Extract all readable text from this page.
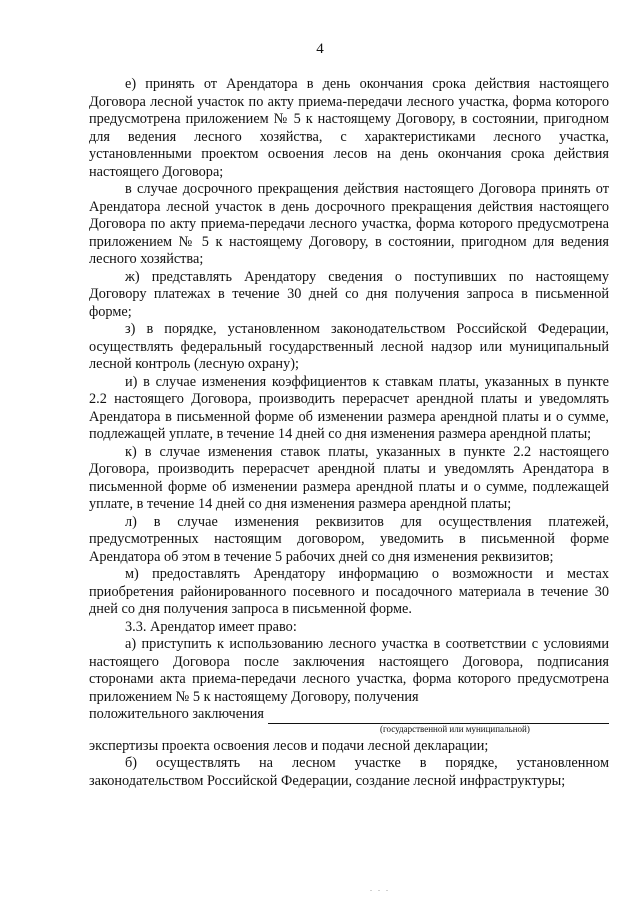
4

е) принять от Арендатора в день окончания срока действия настоящего Договора лесной участок по акту приема-передачи лесного участка, форма которого предусмотрена приложением № 5 к настоящему Договору, в состоянии, пригодном для ведения лесного хозяйства, с характеристиками лесного участка, установленными проектом освоения лесов на день окончания срока действия настоящего Договора;

в случае досрочного прекращения действия настоящего Договора принять от Арендатора лесной участок в день досрочного прекращения действия настоящего Договора по акту приема-передачи лесного участка, форма которого предусмотрена приложением № 5 к настоящему Договору, в состоянии, пригодном для ведения лесного хозяйства;

ж) представлять Арендатору сведения о поступивших по настоящему Договору платежах в течение 30 дней со дня получения запроса в письменной форме;

з) в порядке, установленном законодательством Российской Федерации, осуществлять федеральный государственный лесной надзор или муниципальный лесной контроль (лесную охрану);

и) в случае изменения коэффициентов к ставкам платы, указанных в пункте 2.2 настоящего Договора, производить перерасчет арендной платы и уведомлять Арендатора в письменной форме об изменении размера арендной платы и о сумме, подлежащей уплате, в течение 14 дней со дня изменения размера арендной платы;

к) в случае изменения ставок платы, указанных в пункте 2.2 настоящего Договора, производить перерасчет арендной платы и уведомлять Арендатора в письменной форме об изменении размера арендной платы и о сумме, подлежащей уплате, в течение 14 дней со дня изменения размера арендной платы;

л) в случае изменения реквизитов для осуществления платежей, предусмотренных настоящим договором, уведомить в письменной форме Арендатора об этом в течение 5 рабочих дней со дня изменения реквизитов;

м) предоставлять Арендатору информацию о возможности и местах приобретения районированного посевного и посадочного материала в течение 30 дней со дня получения запроса в письменной форме.

3.3. Арендатор имеет право:

а) приступить к использованию лесного участка в соответствии с условиями настоящего Договора после заключения настоящего Договора, подписания сторонами акта приема-передачи лесного участка, форма которого предусмотрена приложением № 5 к настоящему Договору, получения

положительного заключения

(государственной или муниципальной)

экспертизы проекта освоения лесов и подачи лесной декларации;

б) осуществлять на лесном участке в порядке, установленном законодательством Российской Федерации, создание лесной инфраструктуры;

. . .
